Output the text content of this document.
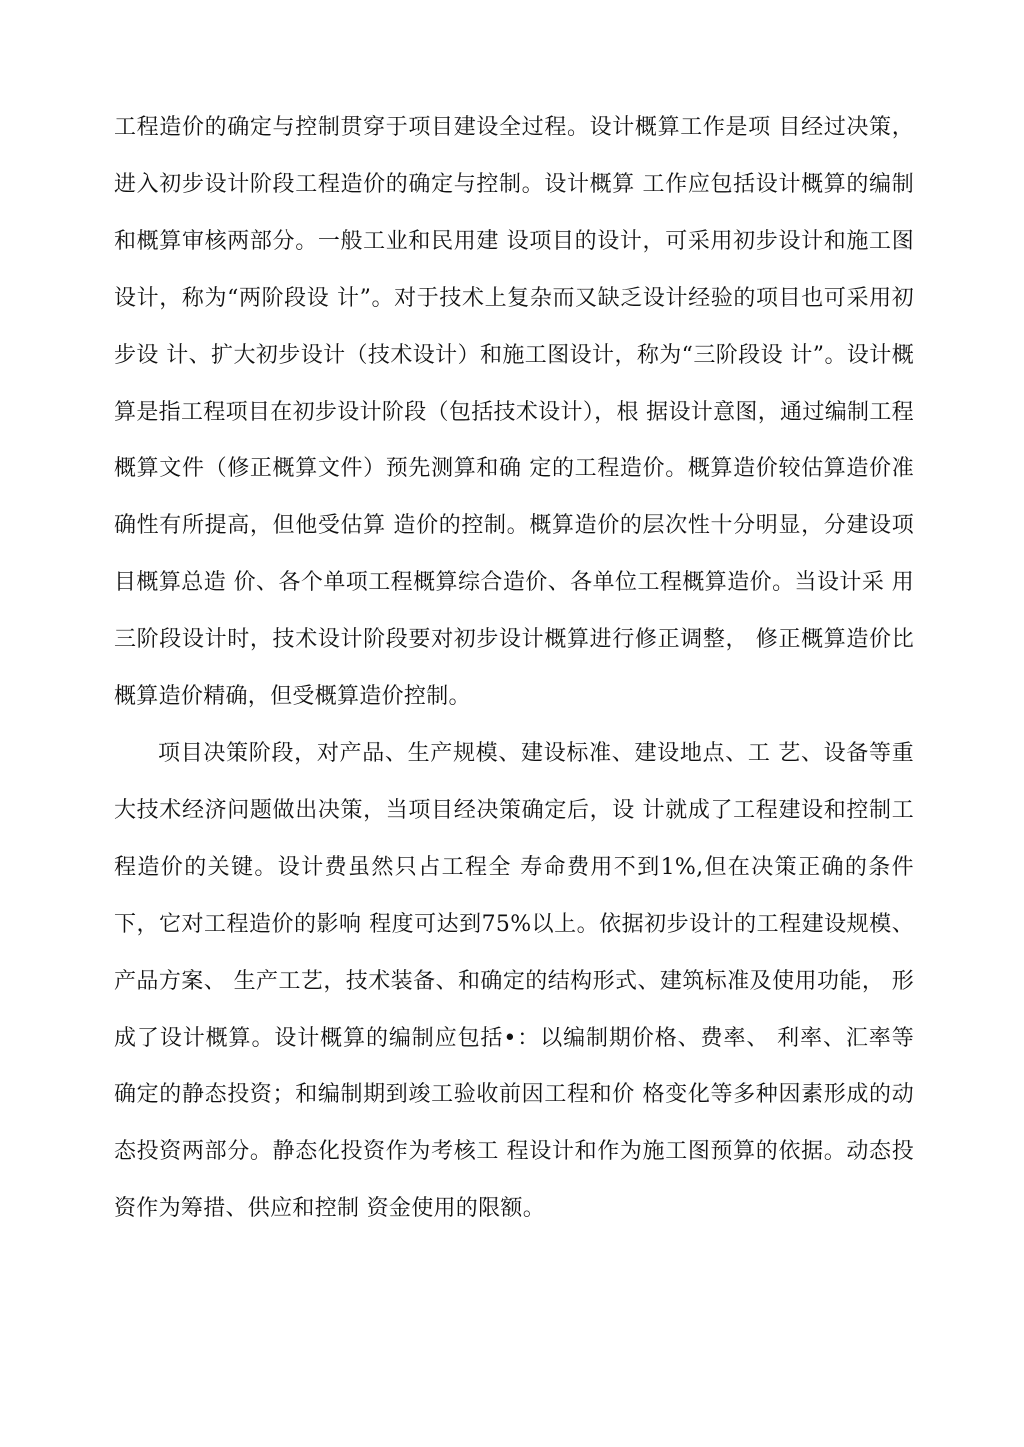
工程造价的确定与控制贯穿于项目建设全过程。设计概算工作是项 目经过决策，进入初步设计阶段工程造价的确定与控制。设计概算 工作应包括设计概算的编制和概算审核两部分。一般工业和民用建 设项目的设计，可采用初步设计和施工图设计，称为“两阶段设 计”。对于技术上复杂而又缺乏设计经验的项目也可采用初步设 计、扩大初步设计（技术设计）和施工图设计，称为“三阶段设 计”。设计概算是指工程项目在初步设计阶段（包括技术设计），根 据设计意图，通过编制工程概算文件（修正概算文件）预先测算和确 定的工程造价。概算造价较估算造价准确性有所提高，但他受估算 造价的控制。概算造价的层次性十分明显，分建设项目概算总造 价、各个单项工程概算综合造价、各单位工程概算造价。当设计采 用三阶段设计时，技术设计阶段要对初步设计概算进行修正调整， 修正概算造价比概算造价精确，但受概算造价控制。

项目决策阶段，对产品、生产规模、建设标准、建设地点、工 艺、设备等重大技术经济问题做出决策，当项目经决策确定后，设 计就成了工程建设和控制工程造价的关键。设计费虽然只占工程全 寿命费用不到1%,但在决策正确的条件下，它对工程造价的影响 程度可达到75%以上。依据初步设计的工程建设规模、产品方案、 生产工艺，技术装备、和确定的结构形式、建筑标准及使用功能， 形成了设计概算。设计概算的编制应包括•：以编制期价格、费率、 利率、汇率等确定的静态投资；和编制期到竣工验收前因工程和价 格变化等多种因素形成的动态投资两部分。静态化投资作为考核工 程设计和作为施工图预算的依据。动态投资作为筹措、供应和控制 资金使用的限额。
